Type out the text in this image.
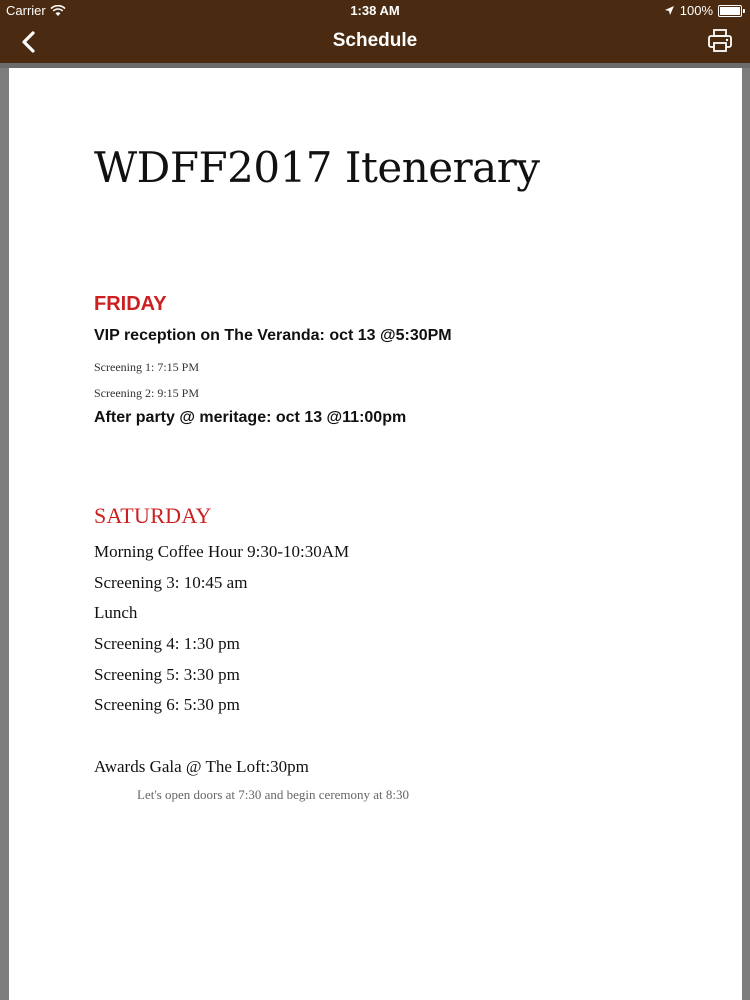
Carrier	1:38 AM	100%
Schedule
WDFF2017 Itenerary
FRIDAY
VIP reception on The Veranda: oct 13 @5:30PM
Screening 1: 7:15 PM
Screening 2: 9:15 PM
After party @ meritage: oct 13 @11:00pm
SATURDAY
Morning Coffee Hour 9:30-10:30AM
Screening 3: 10:45 am
Lunch
Screening 4: 1:30 pm
Screening 5: 3:30 pm
Screening 6: 5:30 pm
Awards Gala @ The Loft:30pm
Let's open doors at 7:30 and begin ceremony at 8:30
